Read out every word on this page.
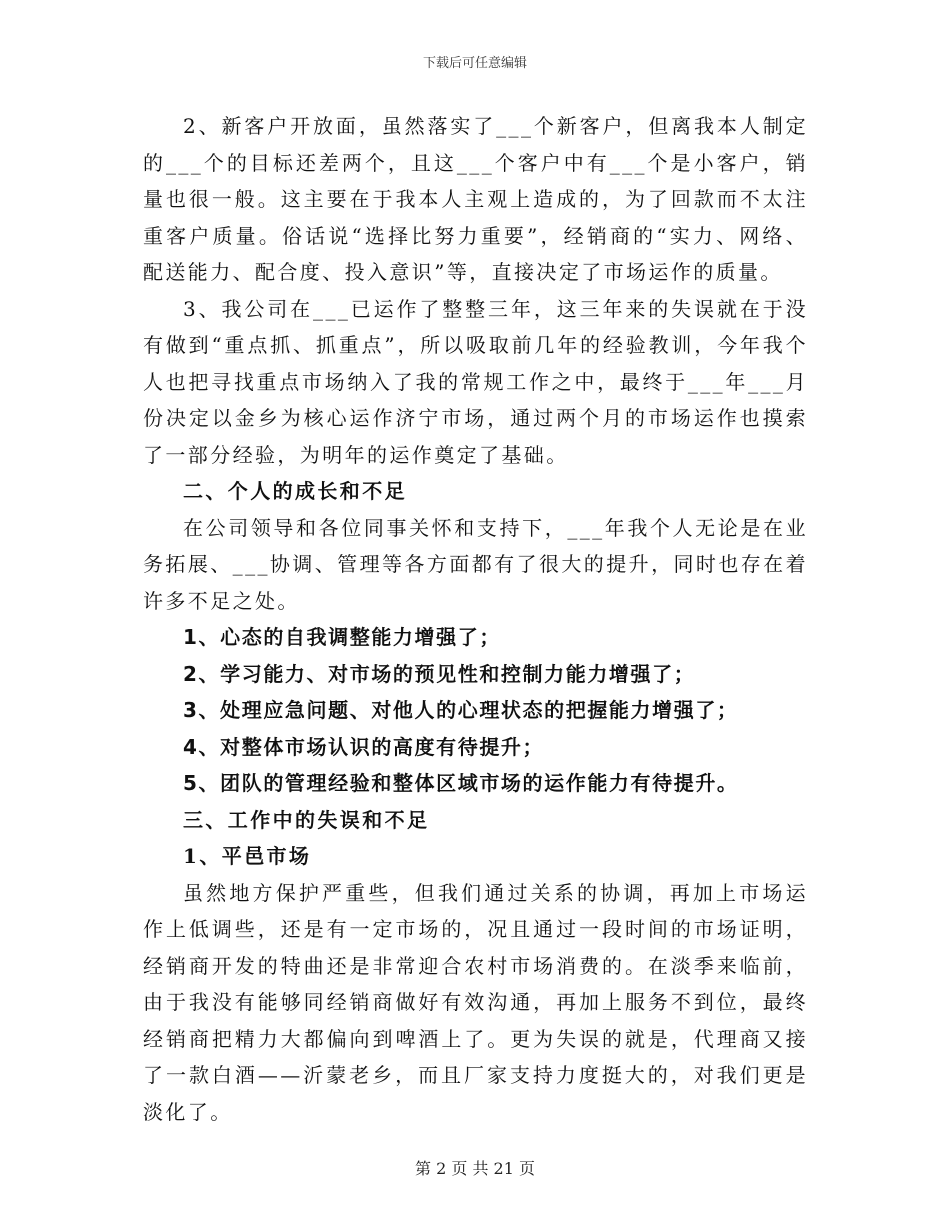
下载后可任意编辑

2、新客户开放面，虽然落实了___个新客户，但离我本人制定的___个的目标还差两个，且这___个客户中有___个是小客户，销量也很一般。这主要在于我本人主观上造成的，为了回款而不太注重客户质量。俗话说“选择比努力重要”，经销商的“实力、网络、配送能力、配合度、投入意识”等，直接决定了市场运作的质量。

3、我公司在___已运作了整整三年，这三年来的失误就在于没有做到“重点抓、抓重点”，所以吸取前几年的经验教训，今年我个人也把寻找重点市场纳入了我的常规工作之中，最终于___年___月份决定以金乡为核心运作济宁市场，通过两个月的市场运作也摸索了一部分经验，为明年的运作奠定了基础。

二、个人的成长和不足

在公司领导和各位同事关怀和支持下，___年我个人无论是在业务拓展、___协调、管理等各方面都有了很大的提升，同时也存在着许多不足之处。

1、心态的自我调整能力增强了；

2、学习能力、对市场的预见性和控制力能力增强了；

3、处理应急问题、对他人的心理状态的把握能力增强了；

4、对整体市场认识的高度有待提升；

5、团队的管理经验和整体区域市场的运作能力有待提升。

三、工作中的失误和不足

1、平邑市场

虽然地方保护严重些，但我们通过关系的协调，再加上市场运作上低调些，还是有一定市场的，况且通过一段时间的市场证明，经销商开发的特曲还是非常迎合农村市场消费的。在淡季来临前，由于我没有能够同经销商做好有效沟通，再加上服务不到位，最终经销商把精力大都偏向到啤酒上了。更为失误的就是，代理商又接了一款白酒——沂蒙老乡，而且厂家支持力度挺大的，对我们更是淡化了。

第 2 页 共 21 页
